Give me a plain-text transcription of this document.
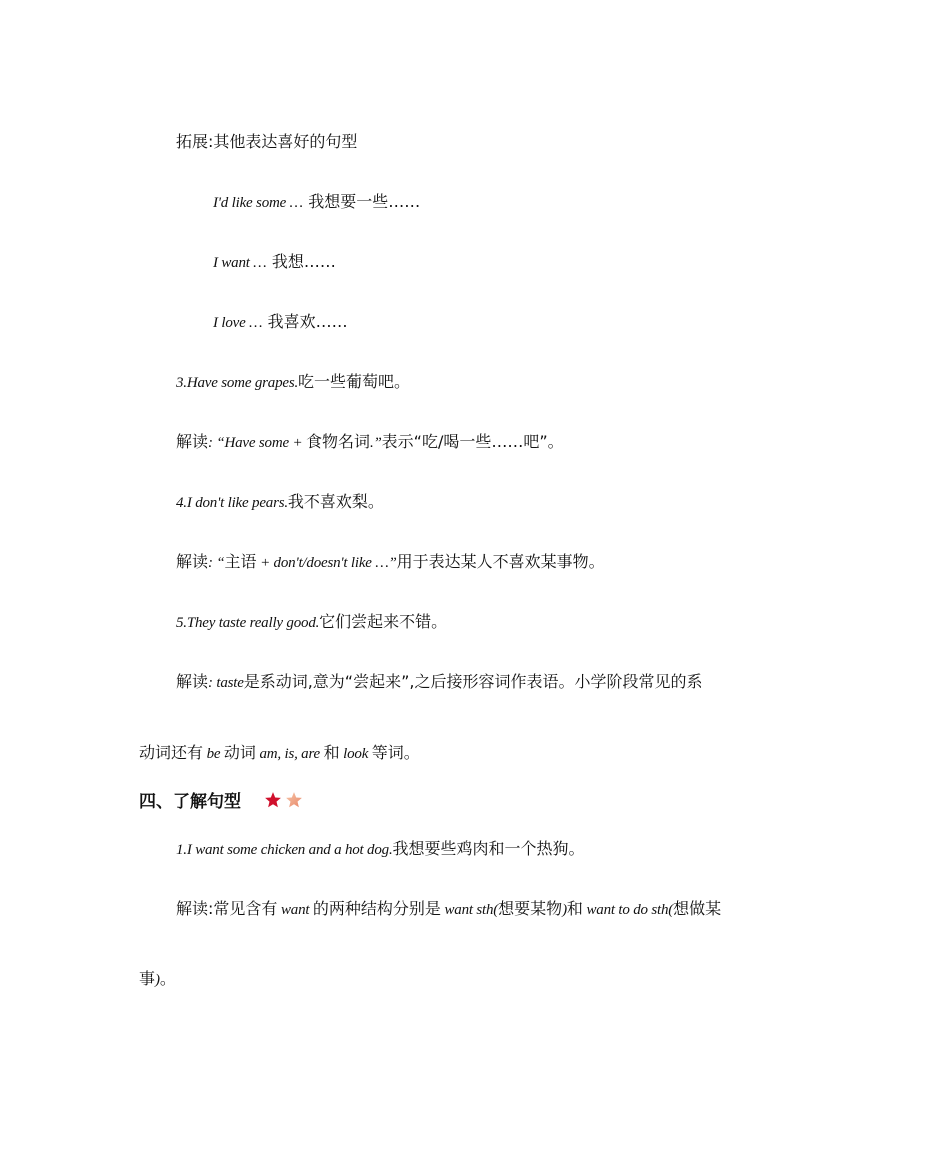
拓展:其他表达喜好的句型
I'd like some … 我想要一些……
I want … 我想……
I love … 我喜欢……
3.Have some grapes.吃一些葡萄吧。
解读: “Have some + 食物名词.”表示“吃/喝一些……吧”。
4.I don't like pears.我不喜欢梨。
解读: “主语 + don't/doesn't like …”用于表达某人不喜欢某事物。
5.They taste really good.它们尝起来不错。
解读: taste是系动词,意为“尝起来”,之后接形容词作表语。小学阶段常见的系
动词还有 be 动词 am, is, are 和 look 等词。
四、了解句型
1.I want some chicken and a hot dog.我想要些鸡肉和一个热狗。
解读:常见含有 want 的两种结构分别是 want sth(想要某物)和 want to do sth(想做某
事)。
